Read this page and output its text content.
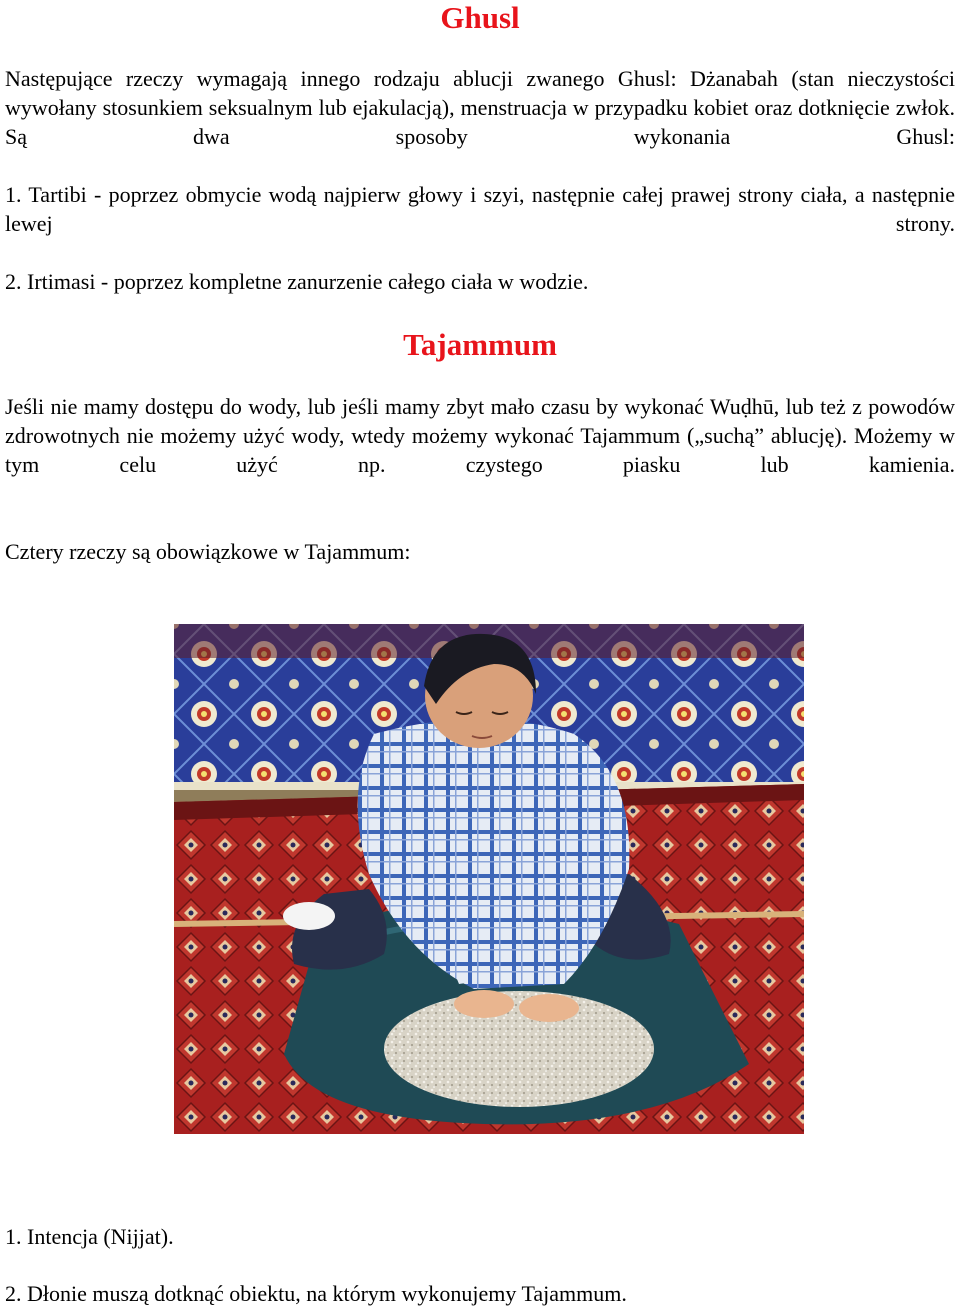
Ghusl

Następujące rzeczy wymagają innego rodzaju ablucji zwanego Ghusl: Dżanabah (stan nieczystości wywołany stosunkiem seksualnym lub ejakulacją), menstruacja w przypadku kobiet oraz dotknięcie zwłok. Są dwa sposoby wykonania Ghusl:

1. Tartibi - poprzez obmycie wodą najpierw głowy i szyi, następnie całej prawej strony ciała, a następnie lewej strony.

2. Irtimasi - poprzez kompletne zanurzenie całego ciała w wodzie.

Tajammum

Jeśli nie mamy dostępu do wody, lub jeśli mamy zbyt mało czasu by wykonać Wuḍhū, lub też z powodów zdrowotnych nie możemy użyć wody, wtedy możemy wykonać Tajammum („suchą” ablucję). Możemy w tym celu użyć np. czystego piasku lub kamienia.

Cztery rzeczy są obowiązkowe w Tajammum:

1. Intencja (Nijjat).

2. Dłonie muszą dotknąć obiektu, na którym wykonujemy Tajammum.
